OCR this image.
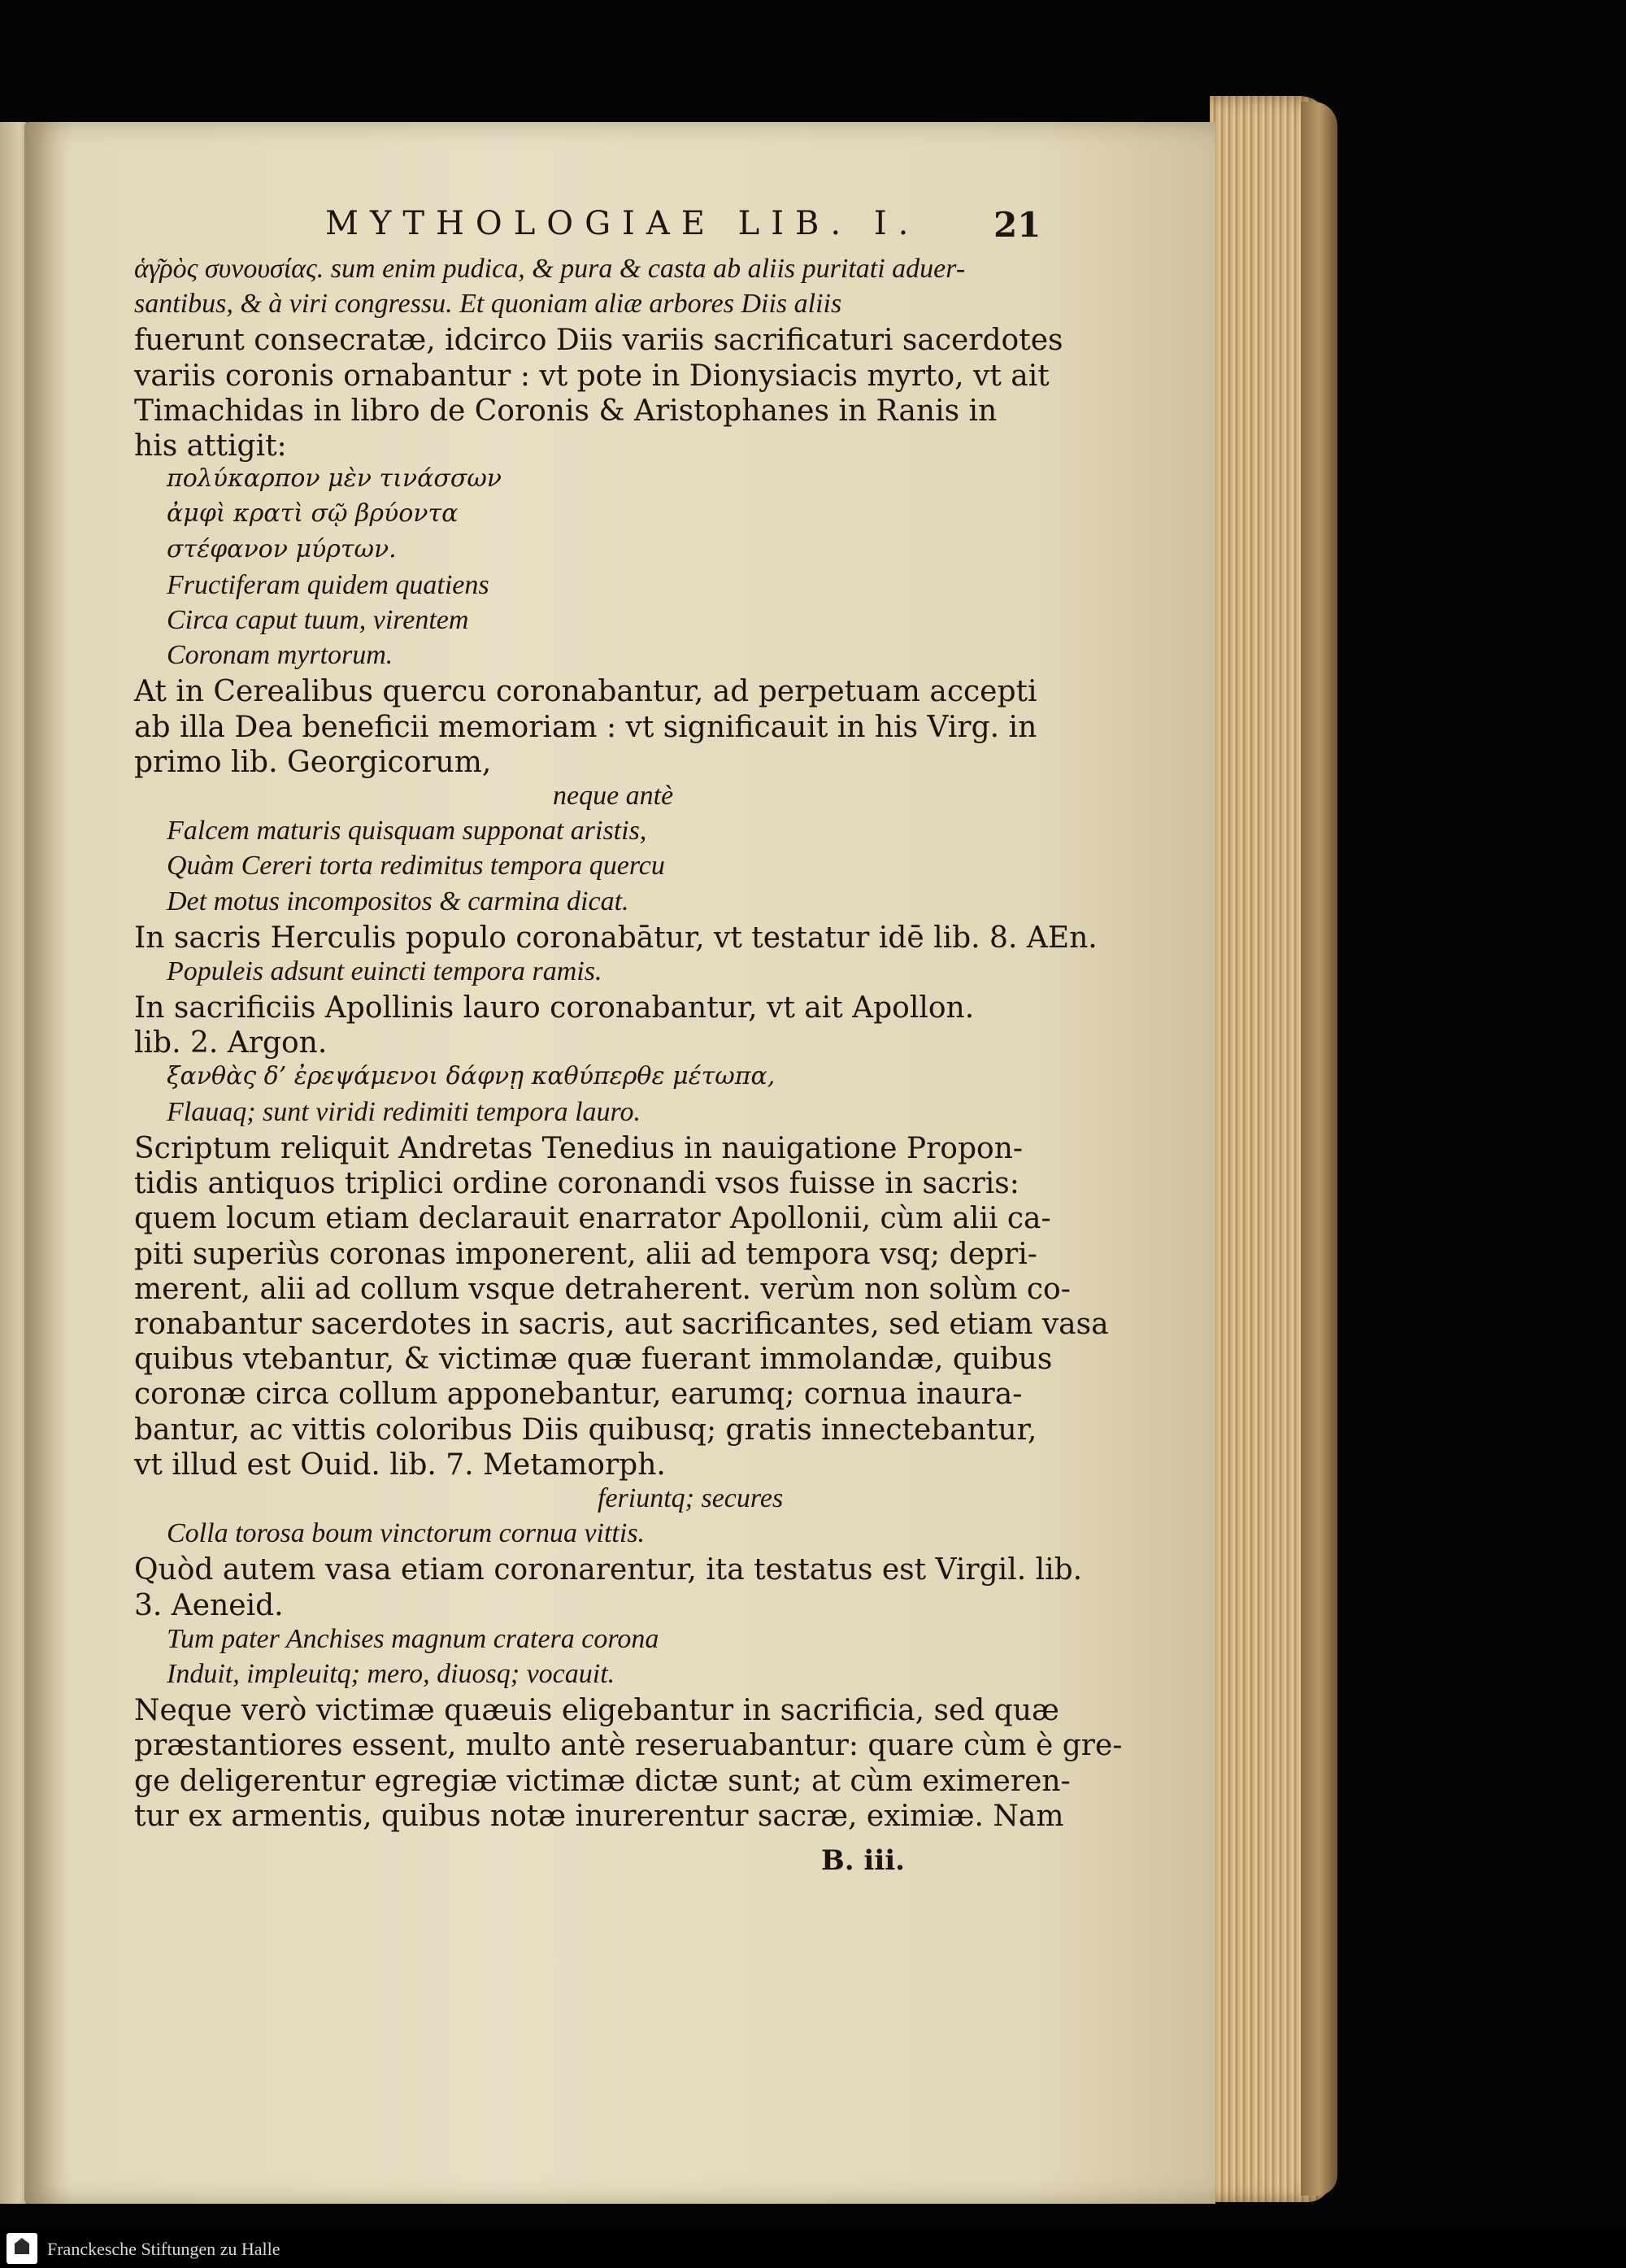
MYTHOLOGIAE LIB. I.	21
ἁγ͂ρὸς συνουσίας. sum enim pudica, & pura & casta ab aliis puritati aduer-
santibus, & à viri congressu. Et quoniam aliæ arbores Diis aliis
fuerunt consecratæ, idcirco Diis variis sacrificaturi sacerdotes
variis coronis ornabantur : vt pote in Dionysiacis myrto, vt ait
Timachidas in libro de Coronis & Aristophanes in Ranis in
his attigit:
πολύκαρπον μὲν τινάσσων
ἀμφὶ κρατὶ σῷ βρύοντα
στέφανον μύρτων.
Fructiferam quidem quatiens
Circa caput tuum, virentem
Coronam myrtorum.
At in Cerealibus quercu coronabantur, ad perpetuam accepti
ab illa Dea beneficii memoriam : vt significauit in his Virg. in
primo lib. Georgicorum,
neque antè
Falcem maturis quisquam supponat aristis,
Quàm Cereri torta redimitus tempora quercu
Det motus incompositos & carmina dicat.
In sacris Herculis populo coronabātur, vt testatur idē lib. 8. AEn.
Populeis adsunt euincti tempora ramis.
In sacrificiis Apollinis lauro coronabantur, vt ait Apollon.
lib. 2. Argon.
ξανθὰς δ’ ἐρεψάμενοι δάφνῃ καθύπερθε μέτωπα,
Flauaq; sunt viridi redimiti tempora lauro.
Scriptum reliquit Andretas Tenedius in nauigatione Propon-
tidis antiquos triplici ordine coronandi vsos fuisse in sacris:
quem locum etiam declarauit enarrator Apollonii, cùm alii ca-
piti superiùs coronas imponerent, alii ad tempora vsq; depri-
merent, alii ad collum vsque detraherent. verùm non solùm co-
ronabantur sacerdotes in sacris, aut sacrificantes, sed etiam vasa
quibus vtebantur, & victimæ quæ fuerant immolandæ, quibus
coronæ circa collum apponebantur, earumq; cornua inaura-
bantur, ac vittis coloribus Diis quibusq; gratis innectebantur,
vt illud est Ouid. lib. 7. Metamorph.
feriuntq; secures
Colla torosa boum vinctorum cornua vittis.
Quòd autem vasa etiam coronarentur, ita testatus est Virgil. lib.
3. Aeneid.
Tum pater Anchises magnum cratera corona
Induit, impleuitq; mero, diuosq; vocauit.
Neque verò victimæ quæuis eligebantur in sacrificia, sed quæ
præstantiores essent, multo antè reseruabantur: quare cùm è gre-
ge deligerentur egregiæ victimæ dictæ sunt; at cùm eximeren-
tur ex armentis, quibus notæ inurerentur sacræ, eximiæ. Nam
B. iii.
Franckesche Stiftungen zu Halle
